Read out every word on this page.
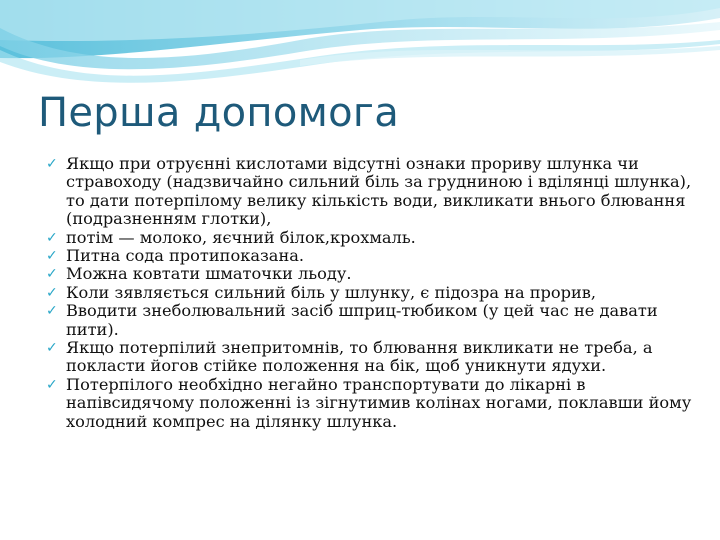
Перша допомога
✓ Якщо при отруєнні кислотами відсутні ознаки прориву шлунка чи стравоходу (надзвичайно сильний біль за грудниною і вділянці шлунка), то дати потерпілому велику кількість води, викликати внього блювання (подразненням глотки),
✓ потім — молоко, яєчний білок,крохмаль.
✓ Питна сода протипоказана.
✓ Можна ковтати шматочки льоду.
✓ Коли зявляється сильний біль у шлунку, є підозра на прорив,
✓ Вводити знеболювальний засіб шприц-тюбиком (у цей час не давати пити).
✓ Якщо потерпілий знепритомнів, то блювання викликати не треба, а покласти йогов стійке положення на бік, щоб уникнути ядухи.
✓ Потерпілого необхідно негайно транспортувати до лікарні в напівсидячому положенні із зігнутимив колінах ногами, поклавши йому холодний компрес на ділянку шлунка.
